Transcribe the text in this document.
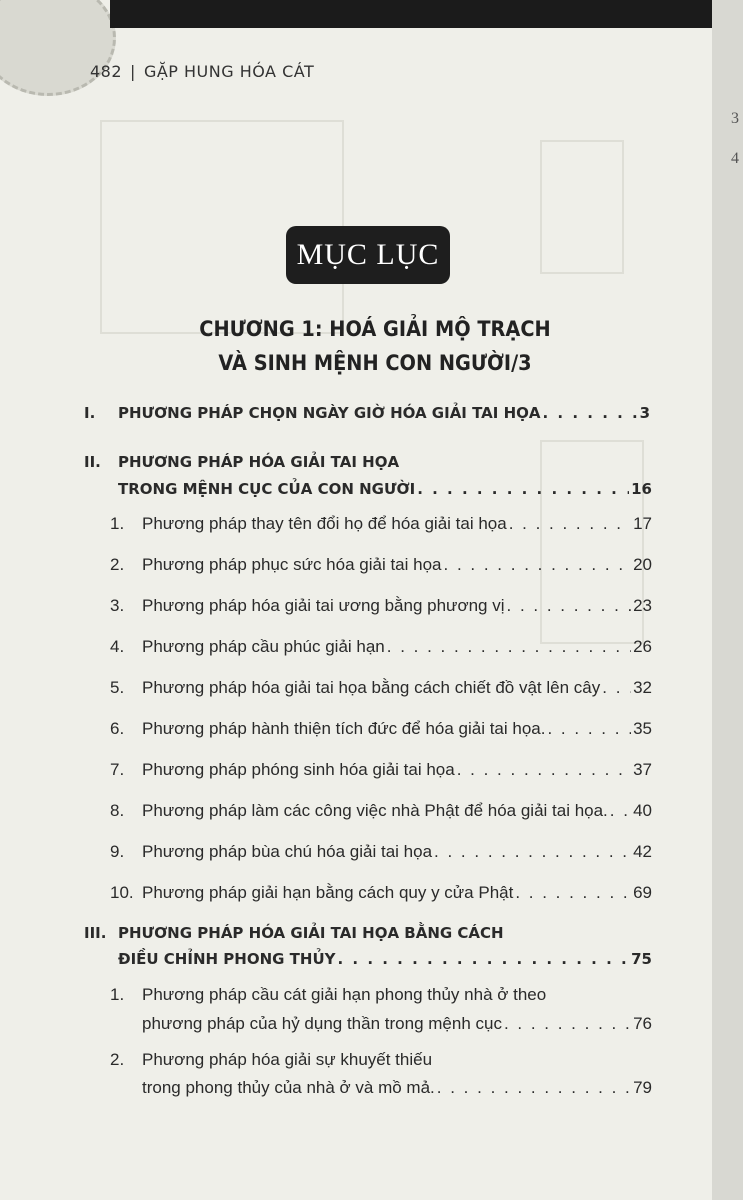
482 | GẶP HUNG HÓA CÁT
MỤC LỤC
CHƯƠNG 1: HOÁ GIẢI MỘ TRẠCH
VÀ SINH MỆNH CON NGƯỜI/3
I. PHƯƠNG PHÁP CHỌN NGÀY GIỜ HÓA GIẢI TAI HỌA . . .	3
II. PHƯƠNG PHÁP HÓA GIẢI TAI HỌA
TRONG MỆNH CỤC CỦA CON NGƯỜI . . .	16
1. Phương pháp thay tên đổi họ để hóa giải tai họa . . .	17
2. Phương pháp phục sức hóa giải tai họa . . .	20
3. Phương pháp hóa giải tai ương bằng phương vị . . .	23
4. Phương pháp cầu phúc giải hạn . . .	26
5. Phương pháp hóa giải tai họa bằng cách chiết đồ vật lên cây . . . 32
6. Phương pháp hành thiện tích đức để hóa giải tai họa. . . .	35
7. Phương pháp phóng sinh hóa giải tai họa . . .	37
8. Phương pháp làm các công việc nhà Phật để hóa giải tai họa. . . . 40
9. Phương pháp bùa chú hóa giải tai họa . . .	42
10. Phương pháp giải hạn bằng cách quy y cửa Phật . . .	69
III. PHƯƠNG PHÁP HÓA GIẢI TAI HỌA BẰNG CÁCH
ĐIỀU CHỈNH PHONG THỦY . . .	75
1. Phương pháp cầu cát giải hạn phong thủy nhà ở theo
phương pháp của hỷ dụng thần trong mệnh cục . . .	76
2. Phương pháp hóa giải sự khuyết thiếu
trong phong thủy của nhà ở và mồ mả. . . .	79
3
4
